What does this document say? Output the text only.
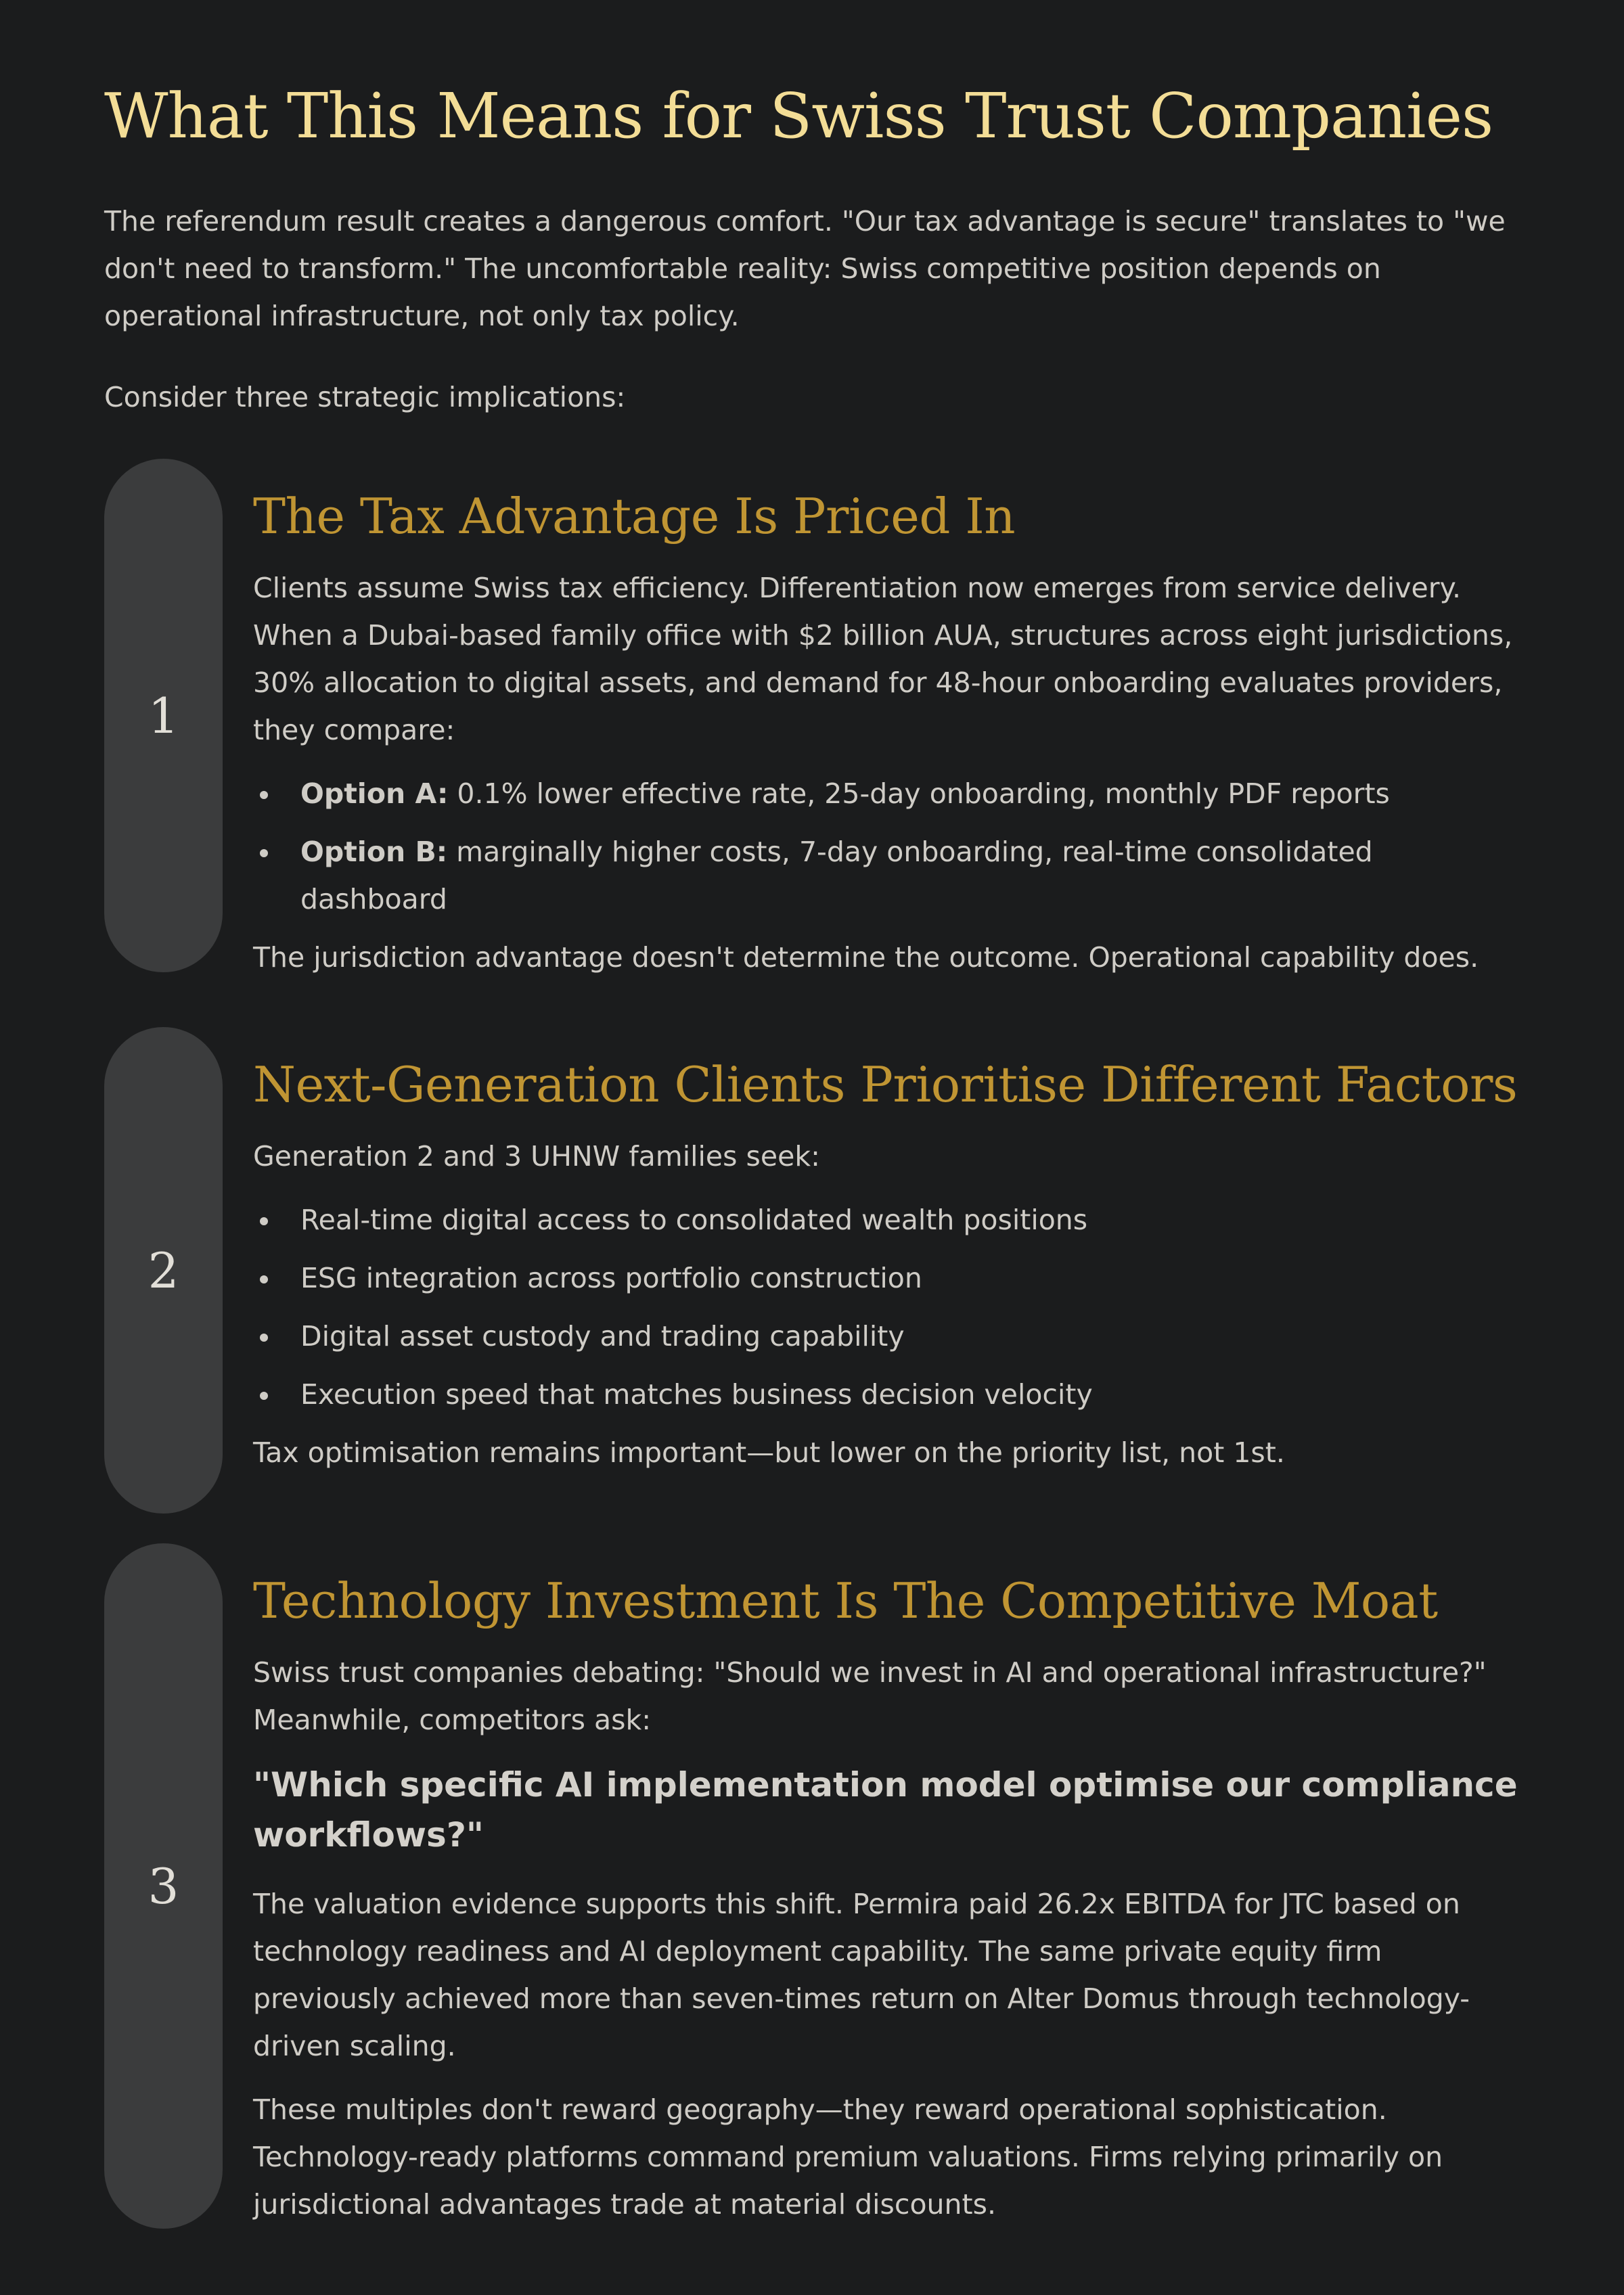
What This Means for Swiss Trust Companies

The referendum result creates a dangerous comfort. "Our tax advantage is secure" translates to "we don't need to transform." The uncomfortable reality: Swiss competitive position depends on operational infrastructure, not only tax policy.

Consider three strategic implications:

1
The Tax Advantage Is Priced In

Clients assume Swiss tax efficiency. Differentiation now emerges from service delivery. When a Dubai-based family office with $2 billion AUA, structures across eight jurisdictions, 30% allocation to digital assets, and demand for 48-hour onboarding evaluates providers, they compare:

Option A: 0.1% lower effective rate, 25-day onboarding, monthly PDF reports
Option B: marginally higher costs, 7-day onboarding, real-time consolidated dashboard

The jurisdiction advantage doesn't determine the outcome. Operational capability does.

2
Next-Generation Clients Prioritise Different Factors

Generation 2 and 3 UHNW families seek:

Real-time digital access to consolidated wealth positions
ESG integration across portfolio construction
Digital asset custody and trading capability
Execution speed that matches business decision velocity

Tax optimisation remains important—but lower on the priority list, not 1st.

3
Technology Investment Is The Competitive Moat

Swiss trust companies debating: "Should we invest in AI and operational infrastructure?" Meanwhile, competitors ask:

"Which specific AI implementation model optimise our compliance workflows?"

The valuation evidence supports this shift. Permira paid 26.2x EBITDA for JTC based on technology readiness and AI deployment capability. The same private equity firm previously achieved more than seven-times return on Alter Domus through technology-driven scaling.

These multiples don't reward geography—they reward operational sophistication. Technology-ready platforms command premium valuations. Firms relying primarily on jurisdictional advantages trade at material discounts.
